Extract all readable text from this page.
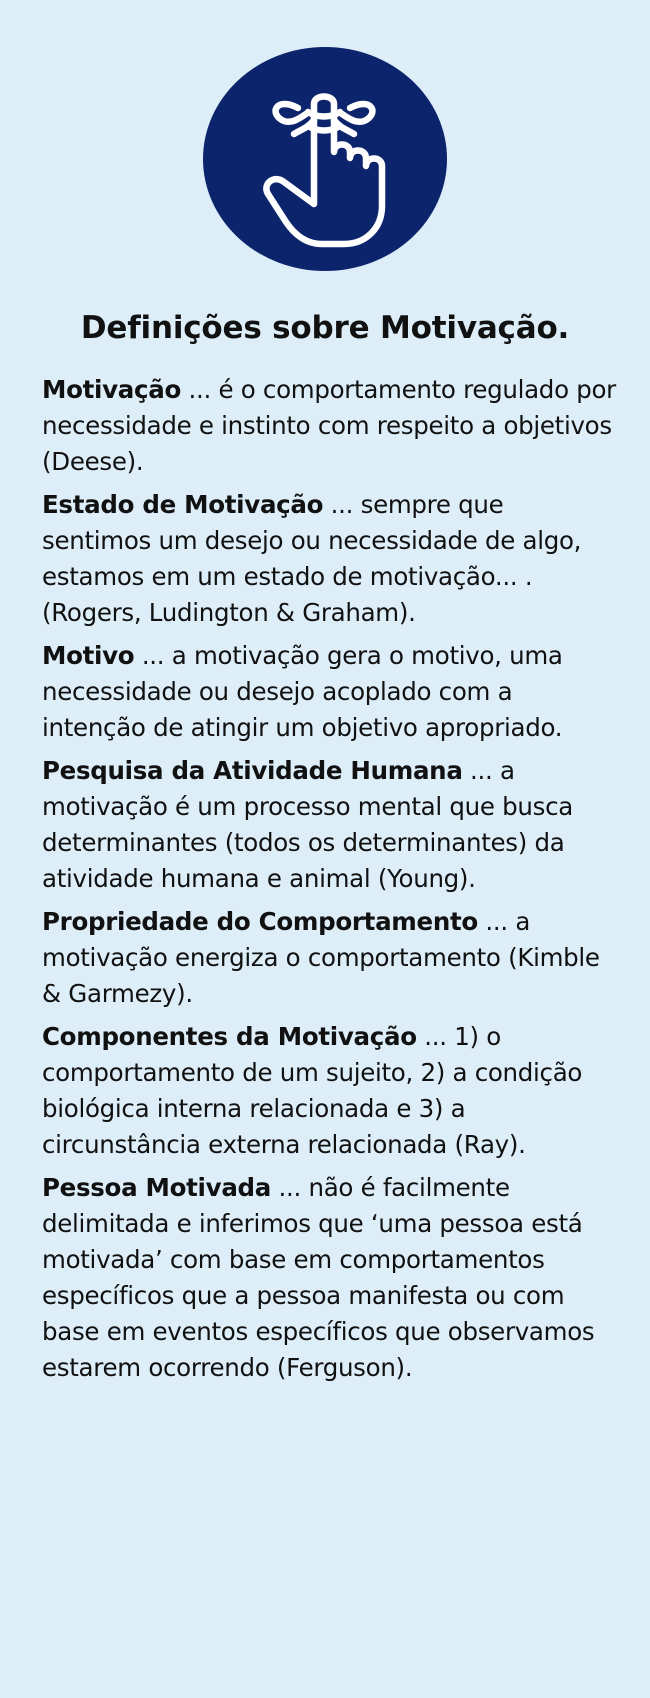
Definições sobre Motivação.

Motivação ... é o comportamento regulado por necessidade e instinto com respeito a objetivos (Deese).

Estado de Motivação ... sempre que sentimos um desejo ou necessidade de algo, estamos em um estado de motivação... . (Rogers, Ludington & Graham).

Motivo ... a motivação gera o motivo, uma necessidade ou desejo acoplado com a intenção de atingir um objetivo apropriado.

Pesquisa da Atividade Humana ... a motivação é um processo mental que busca determinantes (todos os determinantes) da atividade humana e animal (Young).

Propriedade do Comportamento ... a motivação energiza o comportamento (Kimble & Garmezy).

Componentes da Motivação ... 1) o comportamento de um sujeito, 2) a condição biológica interna relacionada e 3) a circunstância externa relacionada (Ray).

Pessoa Motivada ... não é facilmente delimitada e inferimos que ‘uma pessoa está motivada’ com base em comportamentos específicos que a pessoa manifesta ou com base em eventos específicos que observamos estarem ocorrendo (Ferguson).
